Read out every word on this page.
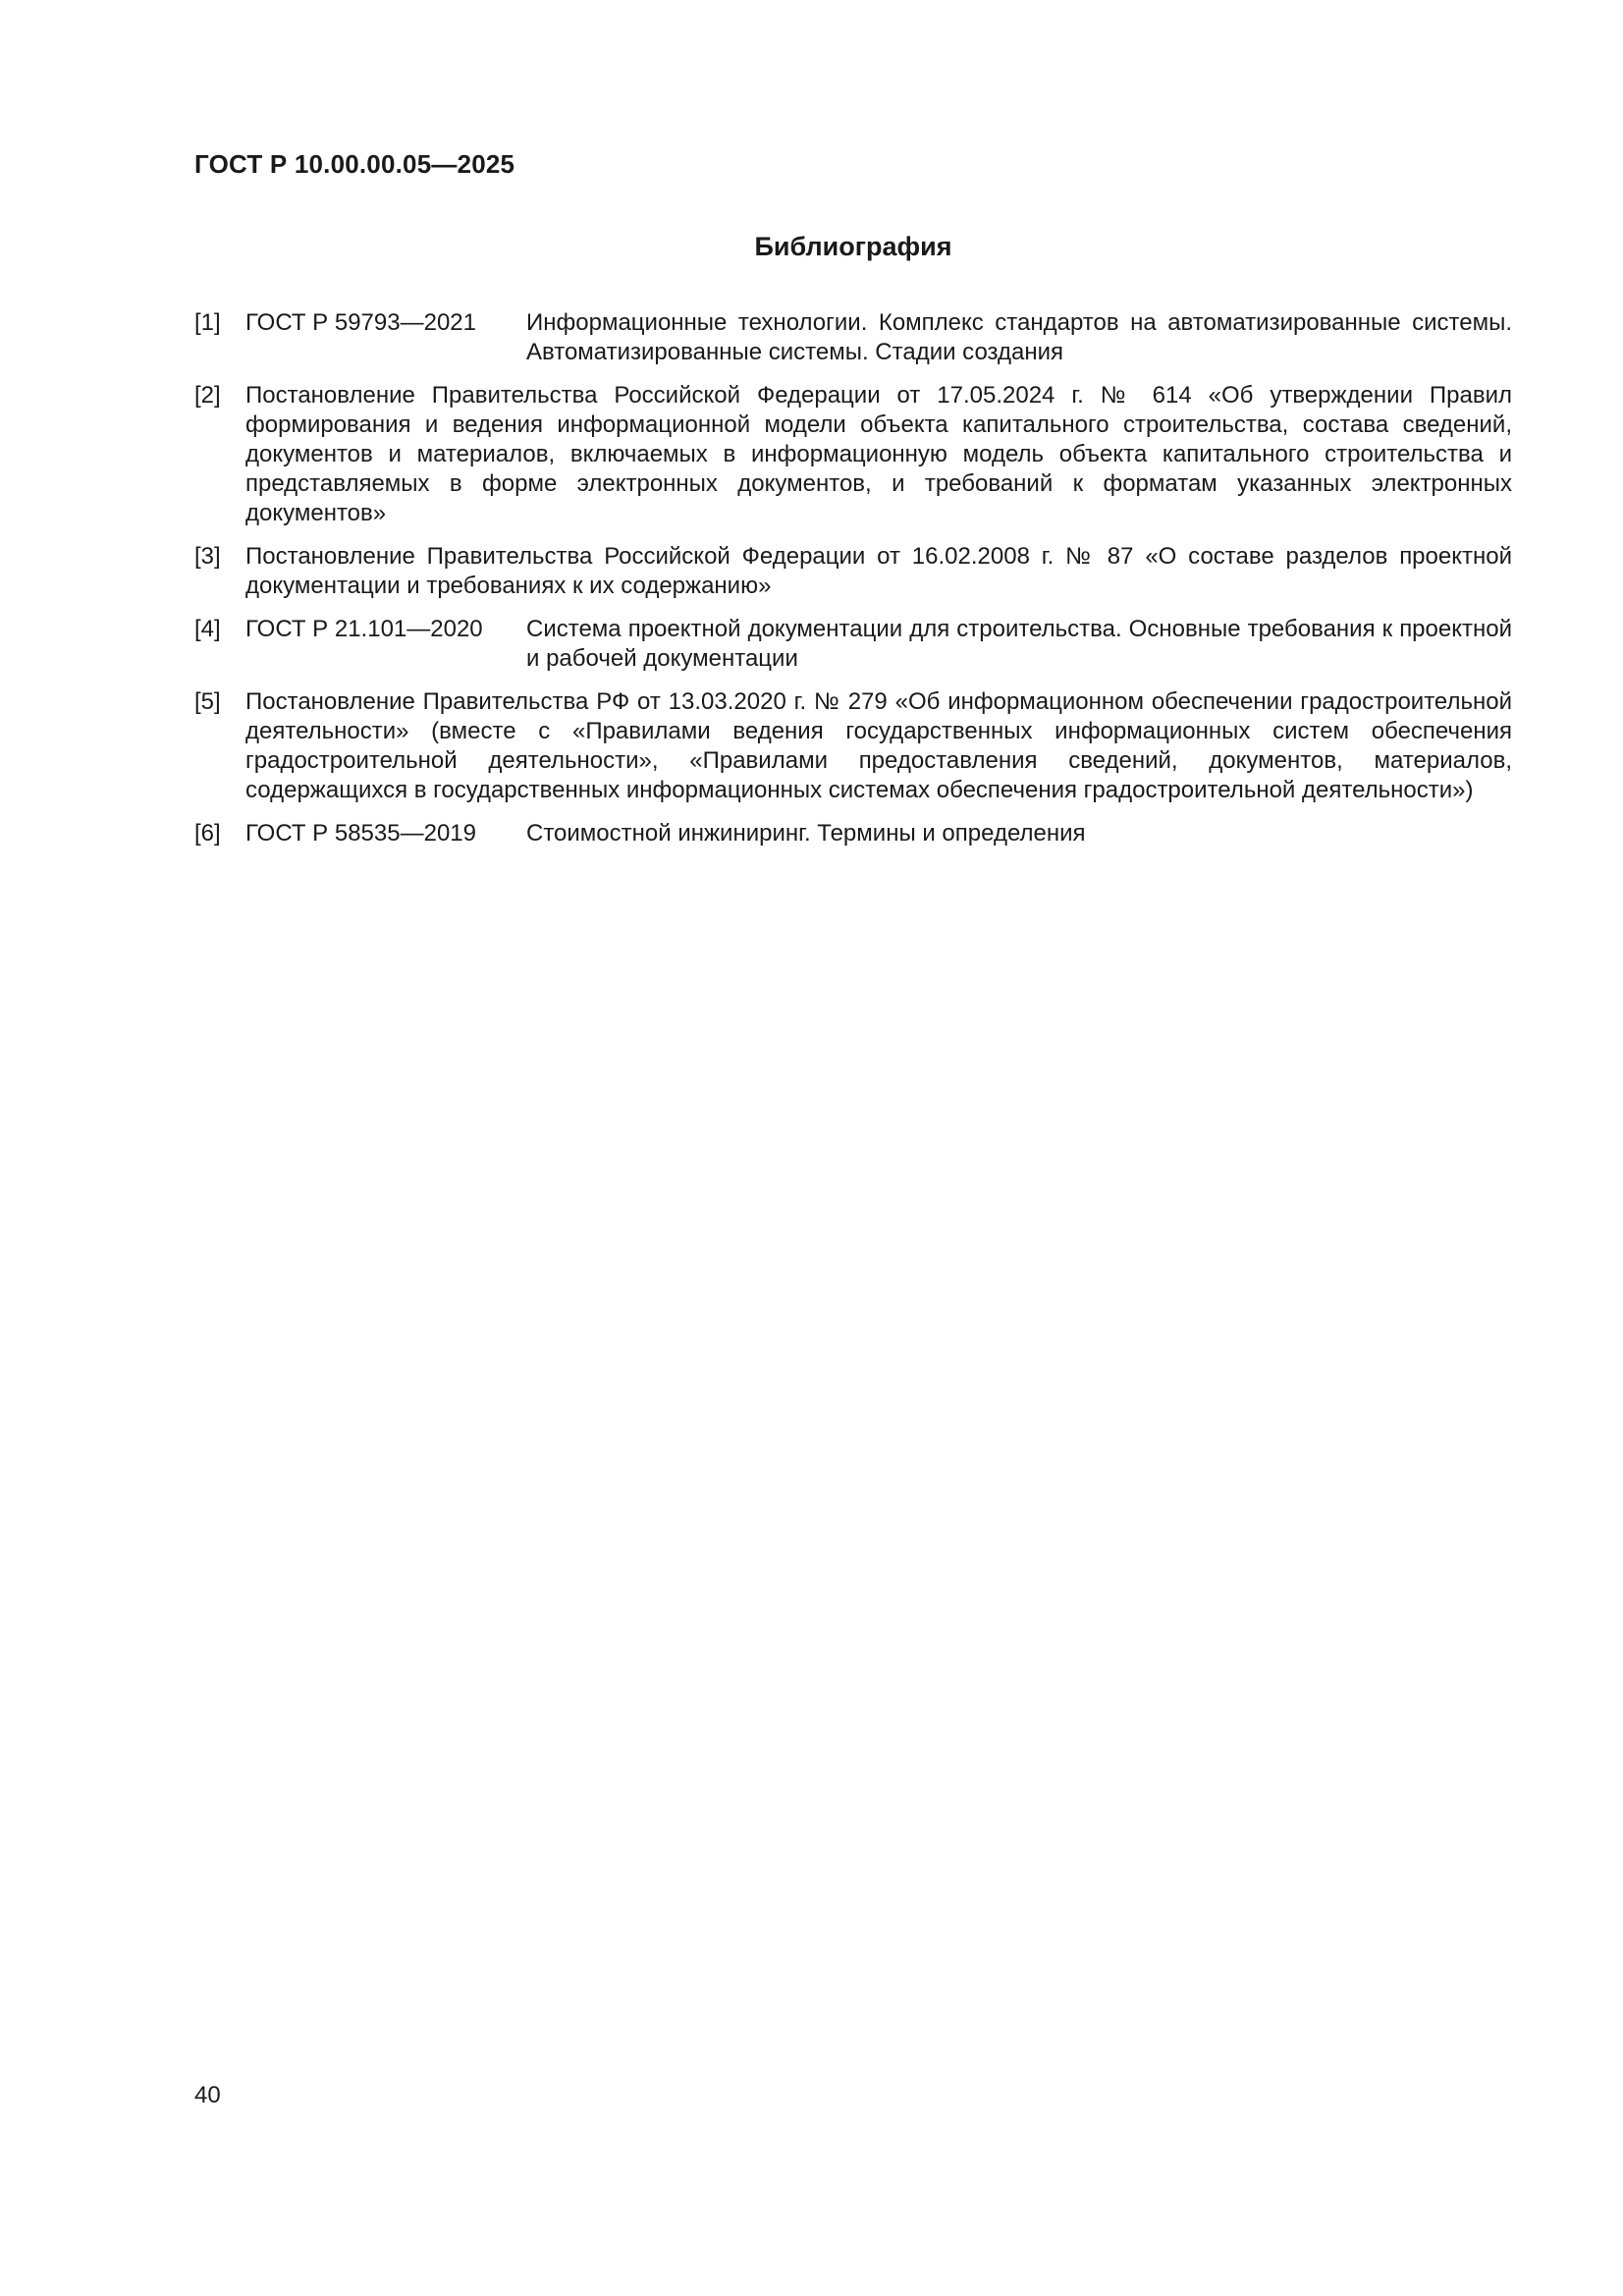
ГОСТ Р 10.00.00.05—2025
Библиография
[1] ГОСТ Р 59793—2021 Информационные технологии. Комплекс стандартов на автоматизированные системы. Автоматизированные системы. Стадии создания
[2] Постановление Правительства Российской Федерации от 17.05.2024 г. № 614 «Об утверждении Правил формирования и ведения информационной модели объекта капитального строительства, состава сведений, документов и материалов, включаемых в информационную модель объекта капитального строительства и представляемых в форме электронных документов, и требований к форматам указанных электронных документов»
[3] Постановление Правительства Российской Федерации от 16.02.2008 г. № 87 «О составе разделов проектной документации и требованиях к их содержанию»
[4] ГОСТ Р 21.101—2020 Система проектной документации для строительства. Основные требования к проектной и рабочей документации
[5] Постановление Правительства РФ от 13.03.2020 г. № 279 «Об информационном обеспечении градостроительной деятельности» (вместе с «Правилами ведения государственных информационных систем обеспечения градостроительной деятельности», «Правилами предоставления сведений, документов, материалов, содержащихся в государственных информационных системах обеспечения градостроительной деятельности»)
[6] ГОСТ Р 58535—2019 Стоимостной инжиниринг. Термины и определения
40
